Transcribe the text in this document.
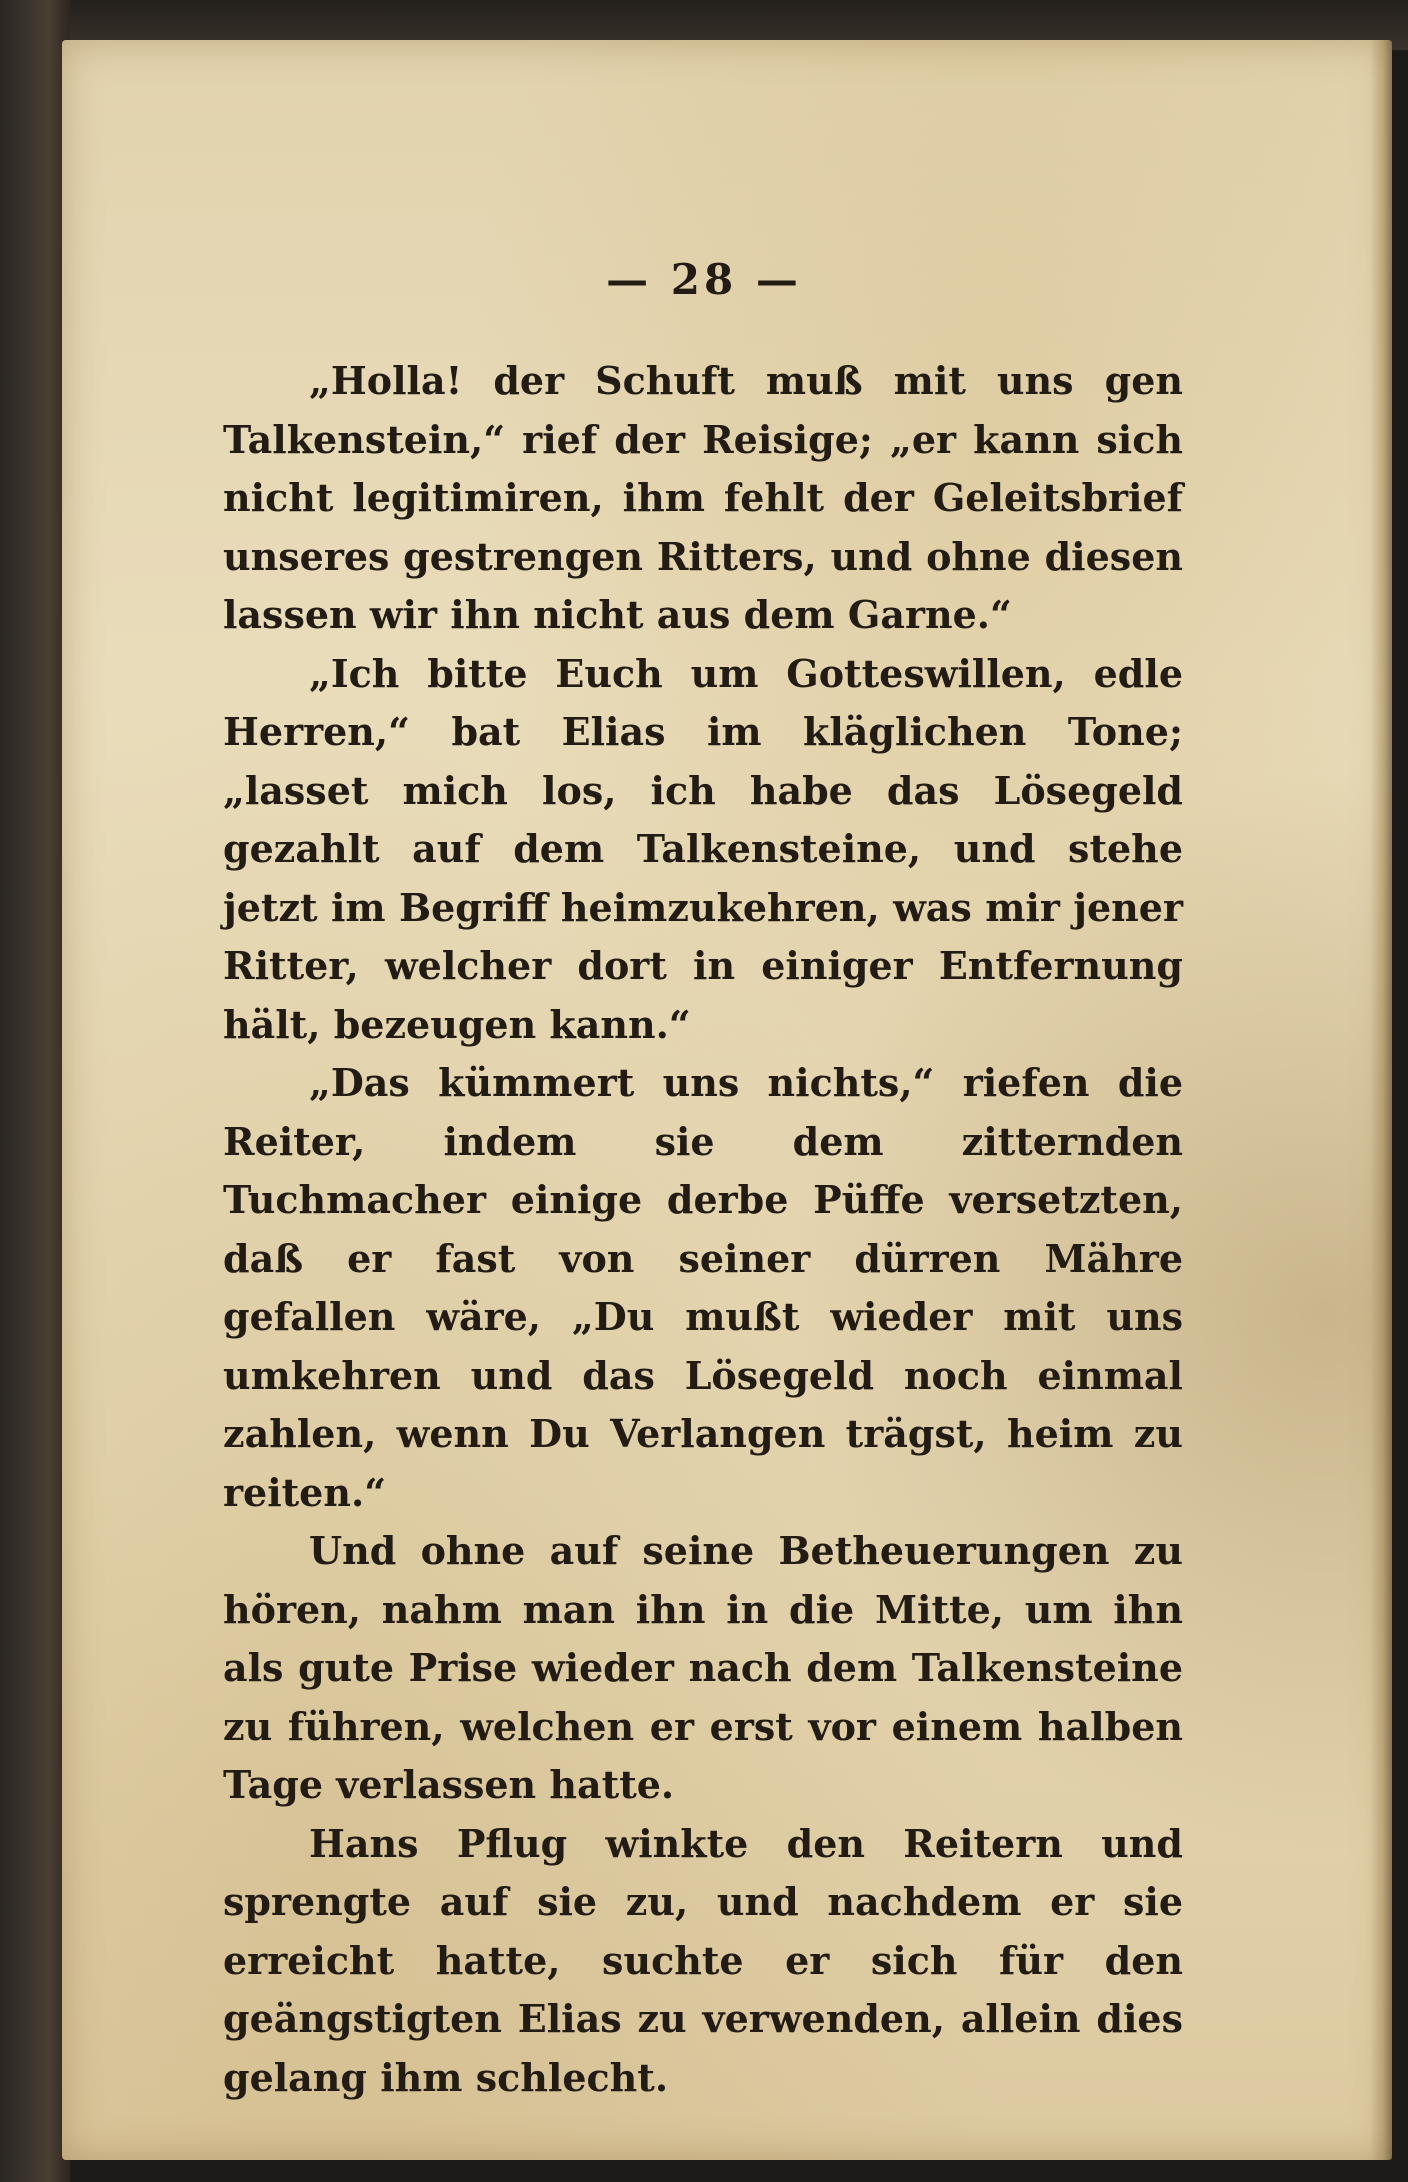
— 28 —

„Holla! der Schuft muß mit uns gen Talkenstein,“ rief der Reisige; „er kann sich nicht legitimiren, ihm fehlt der Geleitsbrief unseres gestrengen Ritters, und ohne diesen lassen wir ihn nicht aus dem Garne.“

„Ich bitte Euch um Gotteswillen, edle Herren,“ bat Elias im kläglichen Tone; „lasset mich los, ich habe das Lösegeld gezahlt auf dem Talkensteine, und stehe jetzt im Begriff heimzukehren, was mir jener Ritter, welcher dort in einiger Entfernung hält, bezeugen kann.“

„Das kümmert uns nichts,“ riefen die Reiter, indem sie dem zitternden Tuchmacher einige derbe Püffe versetzten, daß er fast von seiner dürren Mähre gefallen wäre, „Du mußt wieder mit uns umkehren und das Lösegeld noch einmal zahlen, wenn Du Verlangen trägst, heim zu reiten.“

Und ohne auf seine Betheuerungen zu hören, nahm man ihn in die Mitte, um ihn als gute Prise wieder nach dem Talkensteine zu führen, welchen er erst vor einem halben Tage verlassen hatte.

Hans Pflug winkte den Reitern und sprengte auf sie zu, und nachdem er sie erreicht hatte, suchte er sich für den geängstigten Elias zu verwenden, allein dies gelang ihm schlecht.
